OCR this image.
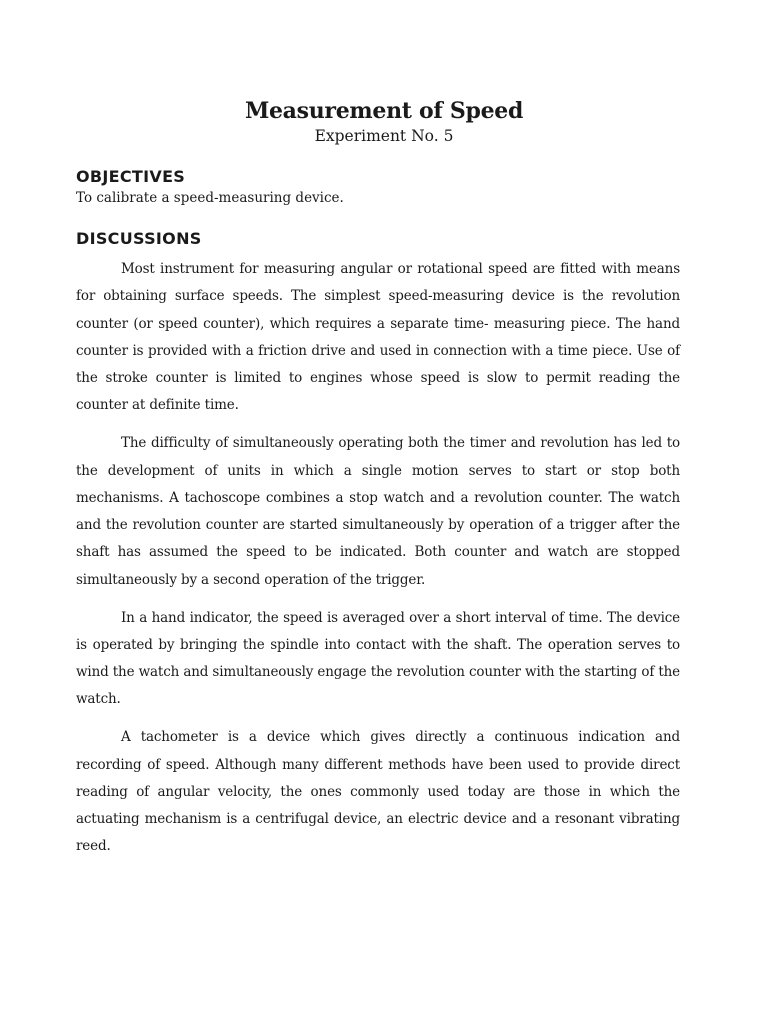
Measurement of Speed
Experiment No. 5
OBJECTIVES

To calibrate a speed-measuring device.

DISCUSSIONS

Most instrument for measuring angular or rotational speed are fitted with means for obtaining surface speeds. The simplest speed-measuring device is the revolution counter (or speed counter), which requires a separate time- measuring piece. The hand counter is provided with a friction drive and used in connection with a time piece. Use of the stroke counter is limited to engines whose speed is slow to permit reading the counter at definite time.

The difficulty of simultaneously operating both the timer and revolution has led to the development of units in which a single motion serves to start or stop both mechanisms. A tachoscope combines a stop watch and a revolution counter. The watch and the revolution counter are started simultaneously by operation of a trigger after the shaft has assumed the speed to be indicated. Both counter and watch are stopped simultaneously by a second operation of the trigger.

In a hand indicator, the speed is averaged over a short interval of time. The device is operated by bringing the spindle into contact with the shaft. The operation serves to wind the watch and simultaneously engage the revolution counter with the starting of the watch.

A tachometer is a device which gives directly a continuous indication and recording of speed. Although many different methods have been used to provide direct reading of angular velocity, the ones commonly used today are those in which the actuating mechanism is a centrifugal device, an electric device and a resonant vibrating reed.
